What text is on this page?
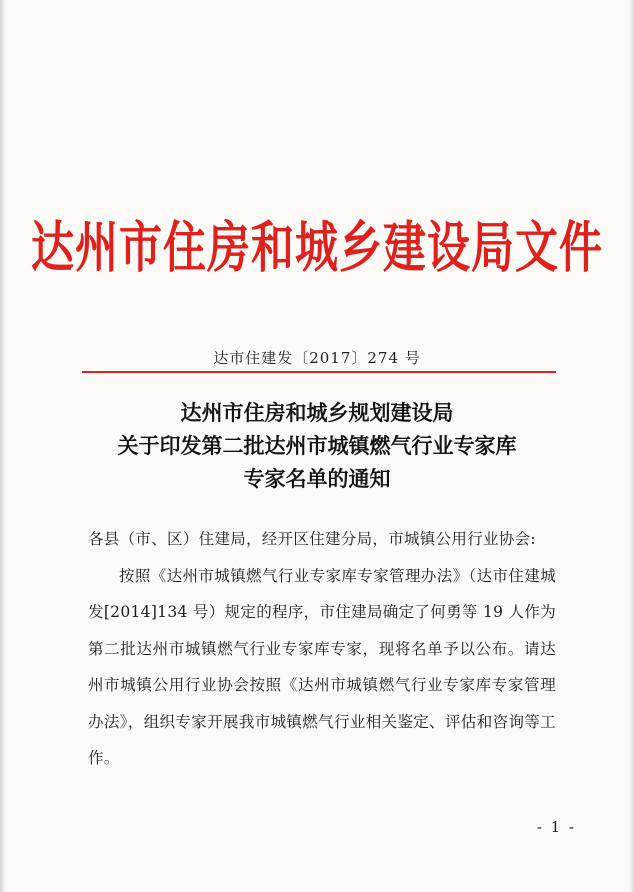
达州市住房和城乡建设局文件
达市住建发〔2017〕274 号
达州市住房和城乡规划建设局
关于印发第二批达州市城镇燃气行业专家库
专家名单的通知
各县（市、区）住建局，经开区住建分局，市城镇公用行业协会:
按照《达州市城镇燃气行业专家库专家管理办法》（达市住建城发[2014]134 号）规定的程序，市住建局确定了何勇等 19 人作为第二批达州市城镇燃气行业专家库专家，现将名单予以公布。请达州市城镇公用行业协会按照《达州市城镇燃气行业专家库专家管理办法》，组织专家开展我市城镇燃气行业相关鉴定、评估和咨询等工作。
- 1 -
